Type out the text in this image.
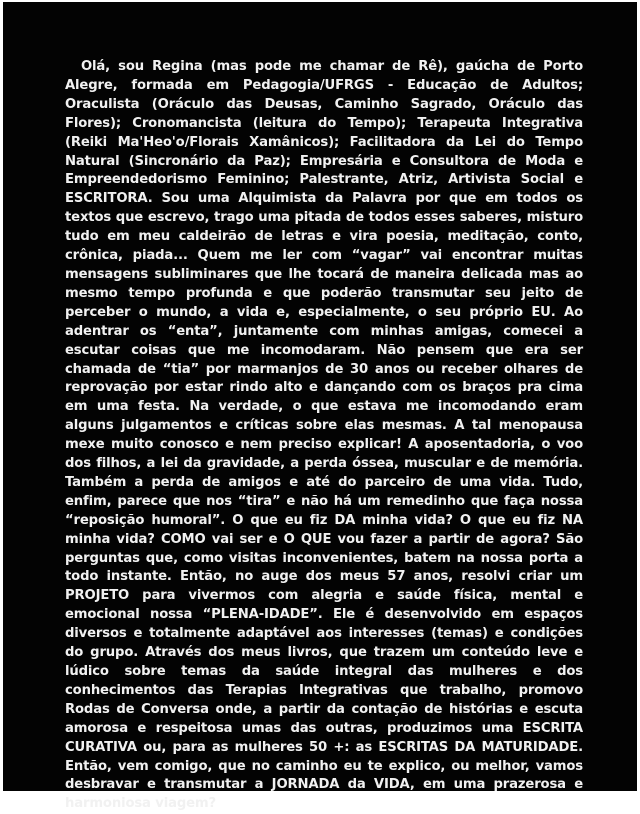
Olá, sou Regina (mas pode me chamar de Rê), gaúcha de Porto Alegre, formada em Pedagogia/UFRGS - Educação de Adultos; Oraculista (Oráculo das Deusas, Caminho Sagrado, Oráculo das Flores); Cronomancista (leitura do Tempo); Terapeuta Integrativa (Reiki Ma'Heo'o/Florais Xamânicos); Facilitadora da Lei do Tempo Natural (Sincronário da Paz); Empresária e Consultora de Moda e Empreendedorismo Feminino; Palestrante, Atriz, Artivista Social e ESCRITORA. Sou uma Alquimista da Palavra por que em todos os textos que escrevo, trago uma pitada de todos esses saberes, misturo tudo em meu caldeirão de letras e vira poesia, meditação, conto, crônica, piada... Quem me ler com “vagar” vai encontrar muitas mensagens subliminares que lhe tocará de maneira delicada mas ao mesmo tempo profunda e que poderão transmutar seu jeito de perceber o mundo, a vida e, especialmente, o seu próprio EU. Ao adentrar os “enta”, juntamente com minhas amigas, comecei a escutar coisas que me incomodaram. Não pensem que era ser chamada de “tia” por marmanjos de 30 anos ou receber olhares de reprovação por estar rindo alto e dançando com os braços pra cima em uma festa. Na verdade, o que estava me incomodando eram alguns julgamentos e críticas sobre elas mesmas. A tal menopausa mexe muito conosco e nem preciso explicar! A aposentadoria, o voo dos filhos, a lei da gravidade, a perda óssea, muscular e de memória. Também a perda de amigos e até do parceiro de uma vida. Tudo, enfim, parece que nos “tira” e não há um remedinho que faça nossa “reposição humoral”. O que eu fiz DA minha vida? O que eu fiz NA minha vida? COMO vai ser e O QUE vou fazer a partir de agora? São perguntas que, como visitas inconvenientes, batem na nossa porta a todo instante. Então, no auge dos meus 57 anos, resolvi criar um PROJETO para vivermos com alegria e saúde física, mental e emocional nossa “PLENA-IDADE”. Ele é desenvolvido em espaços diversos e totalmente adaptável aos interesses (temas) e condições do grupo. Através dos meus livros, que trazem um conteúdo leve e lúdico sobre temas da saúde integral das mulheres e dos conhecimentos das Terapias Integrativas que trabalho, promovo Rodas de Conversa onde, a partir da contação de histórias e escuta amorosa e respeitosa umas das outras, produzimos uma ESCRITA CURATIVA ou, para as mulheres 50 +: as ESCRITAS DA MATURIDADE. Então, vem comigo, que no caminho eu te explico, ou melhor, vamos desbravar e transmutar a JORNADA da VIDA, em uma prazerosa e harmoniosa viagem?
